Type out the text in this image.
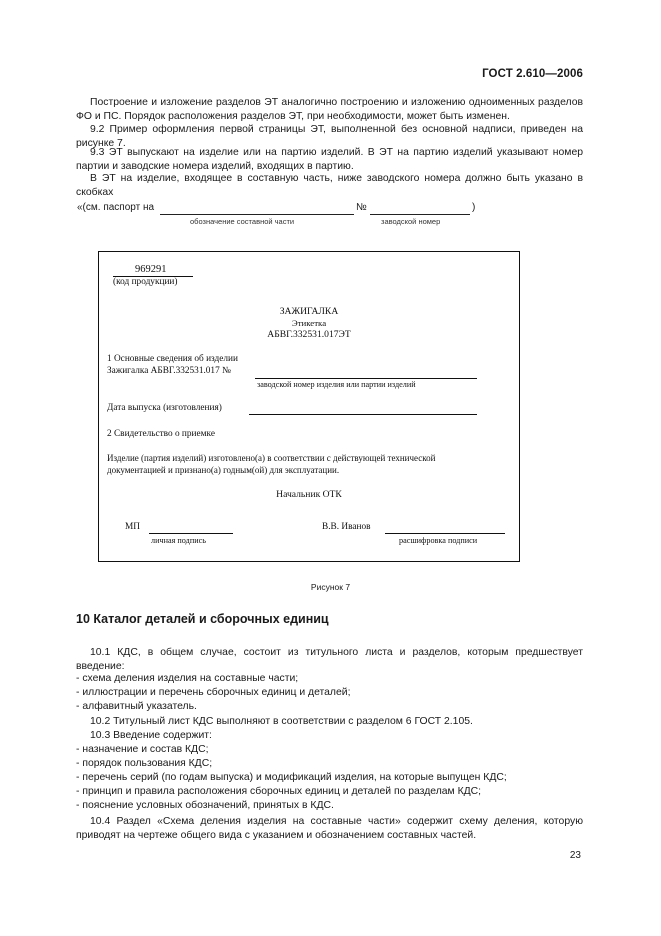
ГОСТ 2.610—2006

Построение и изложение разделов ЭТ аналогично построению и изложению одноименных разделов ФО и ПС. Порядок расположения разделов ЭТ, при необходимости, может быть изменен.

9.2 Пример оформления первой страницы ЭТ, выполненной без основной надписи, приведен на рисунке 7.

9.3 ЭТ выпускают на изделие или на партию изделий. В ЭТ на партию изделий указывают номер партии и заводские номера изделий, входящих в партию.

В ЭТ на изделие, входящее в составную часть, ниже заводского номера должно быть указано в скобках

«(см. паспорт на	№	)
обозначение составной части	заводской номер
969291
(код продукции)
ЗАЖИГАЛКА
Этикетка
АБВГ.332531.017ЭТ
1 Основные сведения об изделии
Зажигалка АБВГ.332531.017 №
заводской номер изделия или партии изделий
Дата выпуска (изготовления)
2 Свидетельство о приемке
Изделие (партия изделий) изготовлено(а) в соответствии с действующей технической
документацией и признано(а) годным(ой) для эксплуатации.
Начальник ОТК
МП
личная подпись
В.В. Иванов
расшифровка подписи
Рисунок 7
10 Каталог деталей и сборочных единиц

10.1 КДС, в общем случае, состоит из титульного листа и разделов, которым предшествует введение:

- схема деления изделия на составные части;
- иллюстрации и перечень сборочных единиц и деталей;
- алфавитный указатель.

10.2 Титульный лист КДС выполняют в соответствии с разделом 6 ГОСТ 2.105.

10.3 Введение содержит:

- назначение и состав КДС;
- порядок пользования КДС;
- перечень серий (по годам выпуска) и модификаций изделия, на которые выпущен КДС;
- принцип и правила расположения сборочных единиц и деталей по разделам КДС;
- пояснение условных обозначений, принятых в КДС.

10.4 Раздел «Схема деления изделия на составные части» содержит схему деления, которую приводят на чертеже общего вида с указанием и обозначением составных частей.

23
